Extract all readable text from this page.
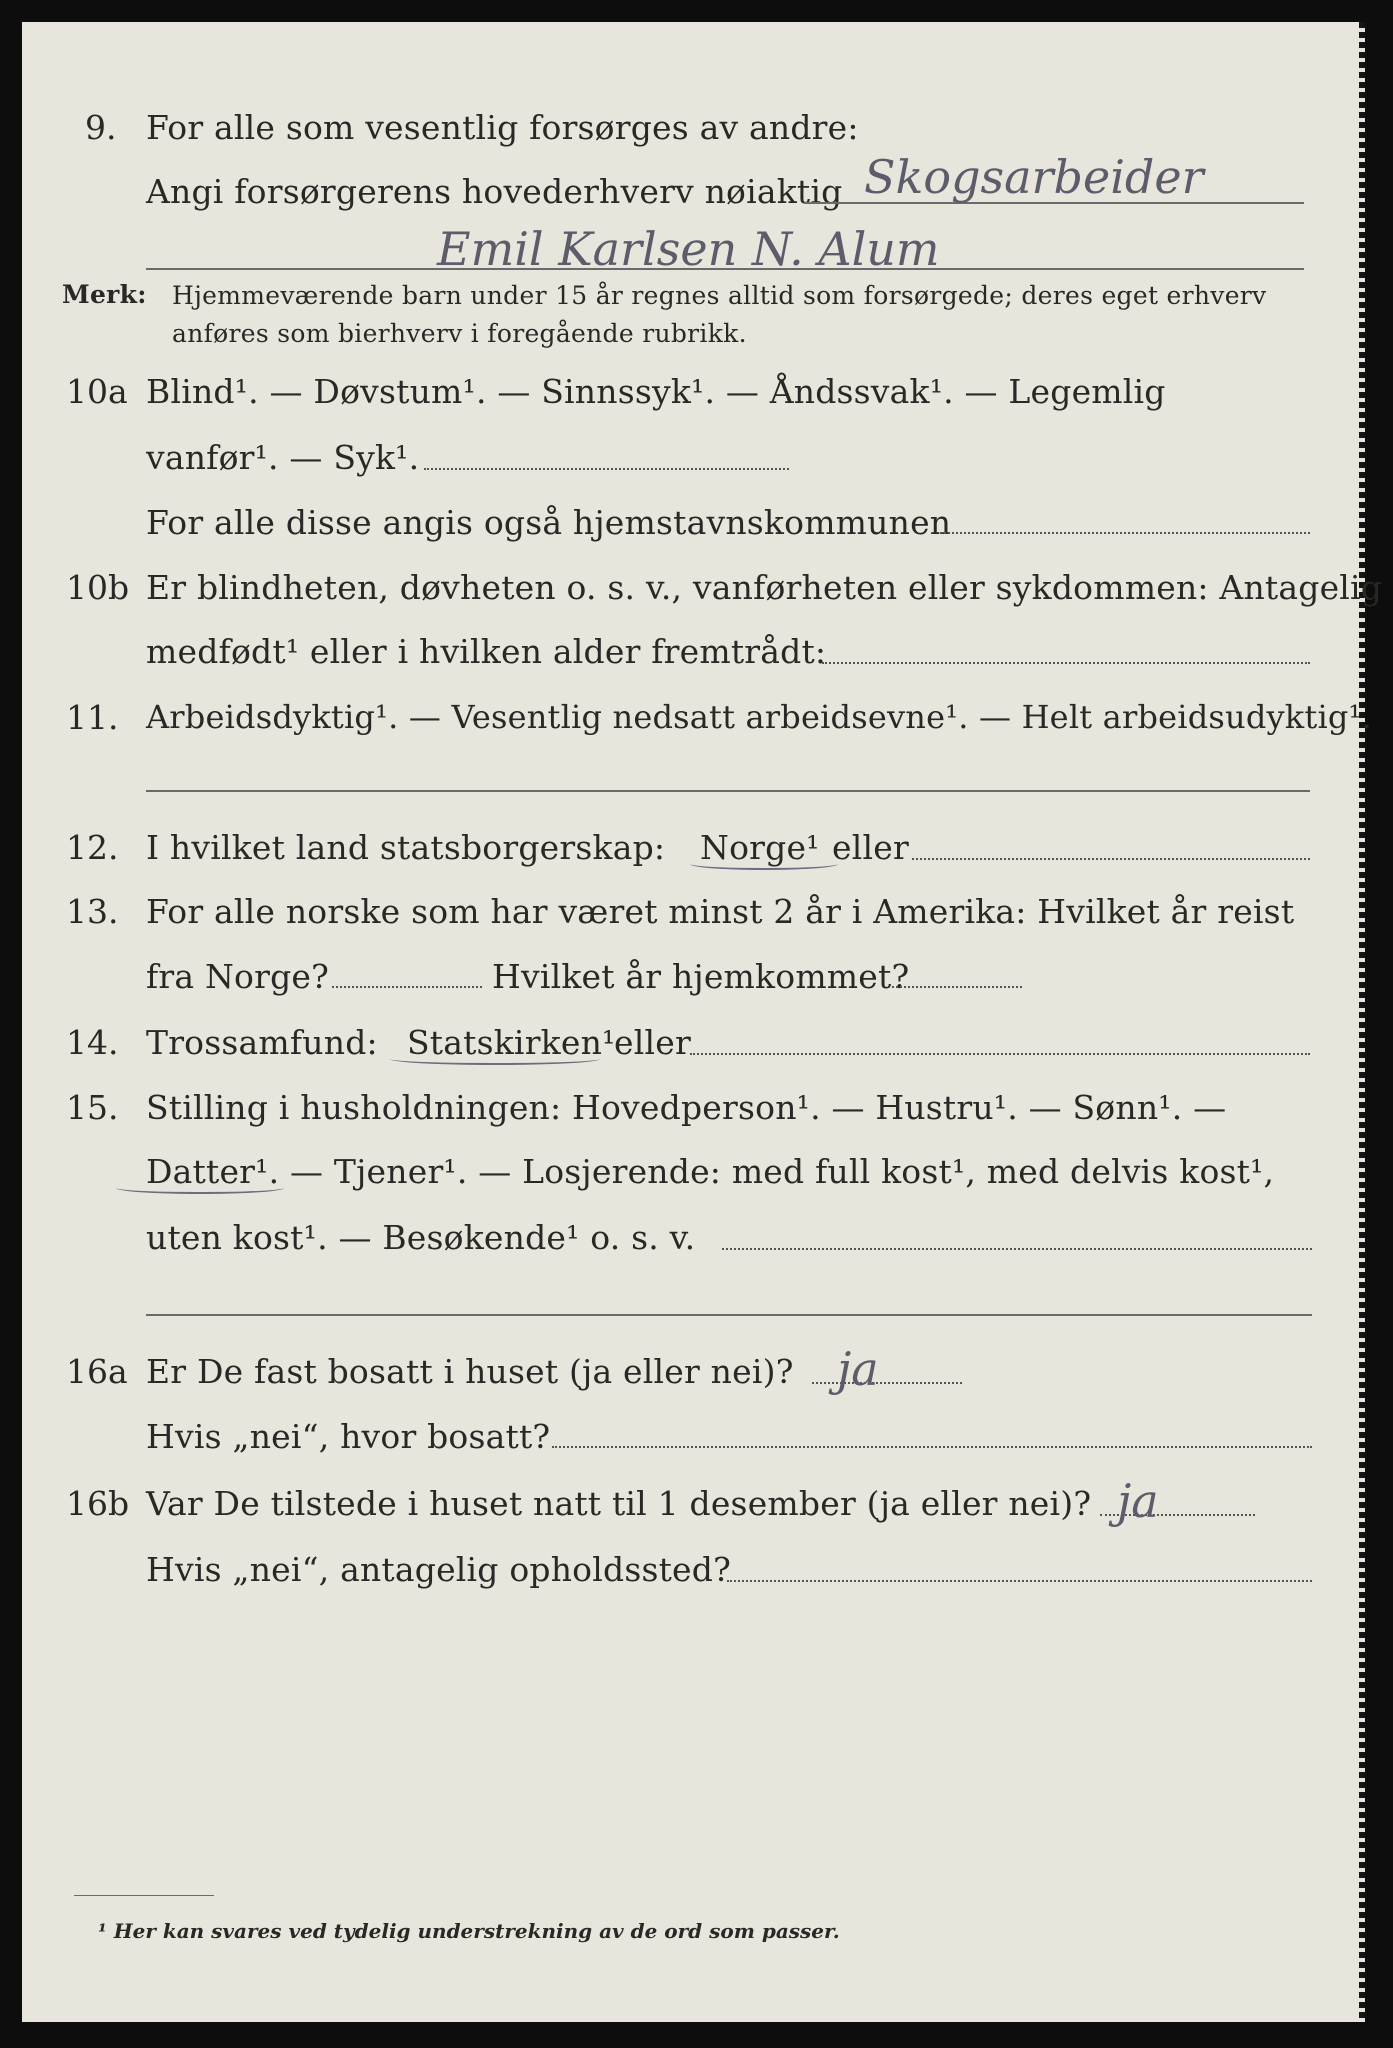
9. For alle som vesentlig forsørges av andre:
Angi forsørgerens hovederhverv nøiaktig Skogsarbeider
Emil Karlsen N. Alum
Merk: Hjemmeværende barn under 15 år regnes alltid som forsørgede; deres eget erhverv
anføres som bierhverv i foregående rubrikk.
10a Blind¹. — Døvstum¹. — Sinnssyk¹. — Åndssvak¹. — Legemlig
vanfør¹. — Syk¹.
For alle disse angis også hjemstavnskommunen
10b Er blindheten, døvheten o. s. v., vanførheten eller sykdommen: Antagelig
medfødt¹ eller i hvilken alder fremtrådt:
11. Arbeidsdyktig¹. — Vesentlig nedsatt arbeidsevne¹. — Helt arbeidsudyktig¹.
12. I hvilket land statsborgerskap: Norge¹ eller
13. For alle norske som har været minst 2 år i Amerika: Hvilket år reist
fra Norge?	Hvilket år hjemkommet?
14. Trossamfund: Statskirken¹
eller
15. Stilling i husholdningen: Hovedperson¹. — Hustru¹. — Sønn¹. —
Datter¹. — Tjener¹. — Losjerende: med full kost¹, med delvis kost¹,
uten kost¹. — Besøkende¹ o. s. v.
16a Er De fast bosatt i huset (ja eller nei)? ja
Hvis „nei“, hvor bosatt?
16b Var De tilstede i huset natt til 1 desember (ja eller nei)? ja
Hvis „nei“, antagelig opholdssted?
¹ Her kan svares ved tydelig understrekning av de ord som passer.
